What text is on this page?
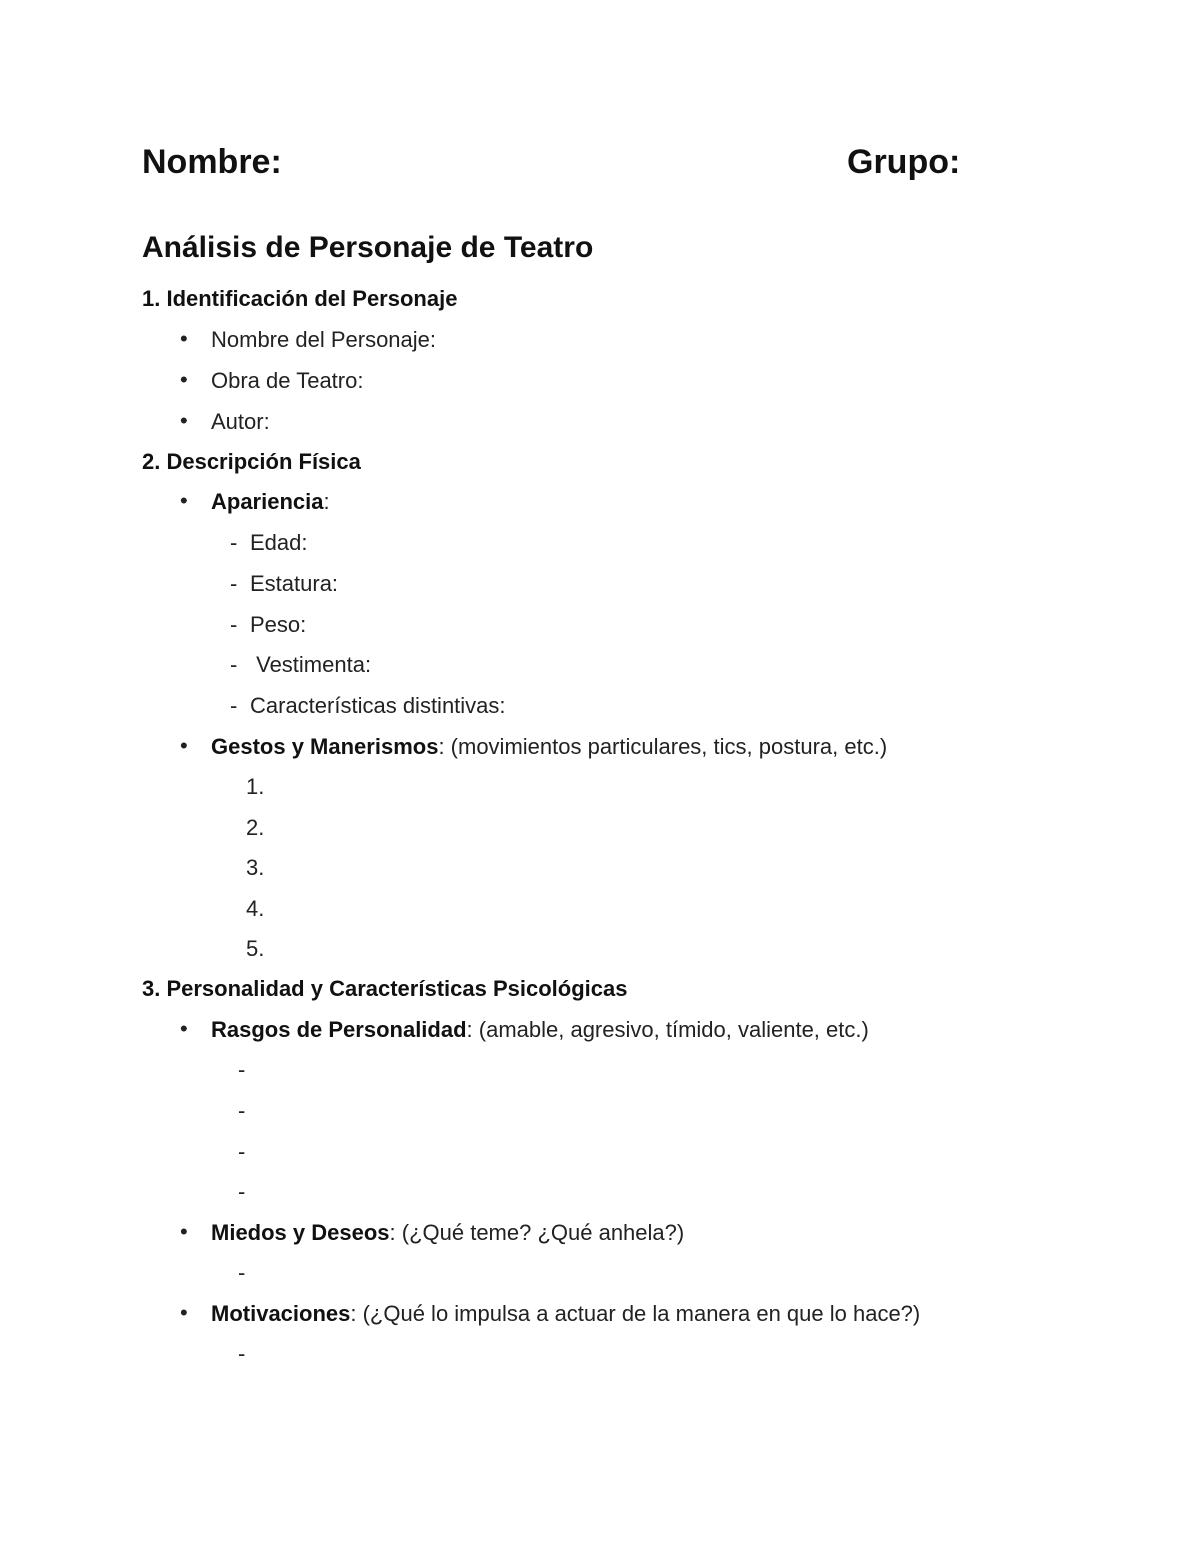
Nombre:	Grupo:
Análisis de Personaje de Teatro
1. Identificación del Personaje
• Nombre del Personaje:
• Obra de Teatro:
• Autor:
2. Descripción Física
• Apariencia:
- Edad:
- Estatura:
- Peso:
- Vestimenta:
- Características distintivas:
• Gestos y Manerismos: (movimientos particulares, tics, postura, etc.)
1.
2.
3.
4.
5.
3. Personalidad y Características Psicológicas
• Rasgos de Personalidad: (amable, agresivo, tímido, valiente, etc.)
-
-
-
-
• Miedos y Deseos: (¿Qué teme? ¿Qué anhela?)
-
• Motivaciones: (¿Qué lo impulsa a actuar de la manera en que lo hace?)
-
